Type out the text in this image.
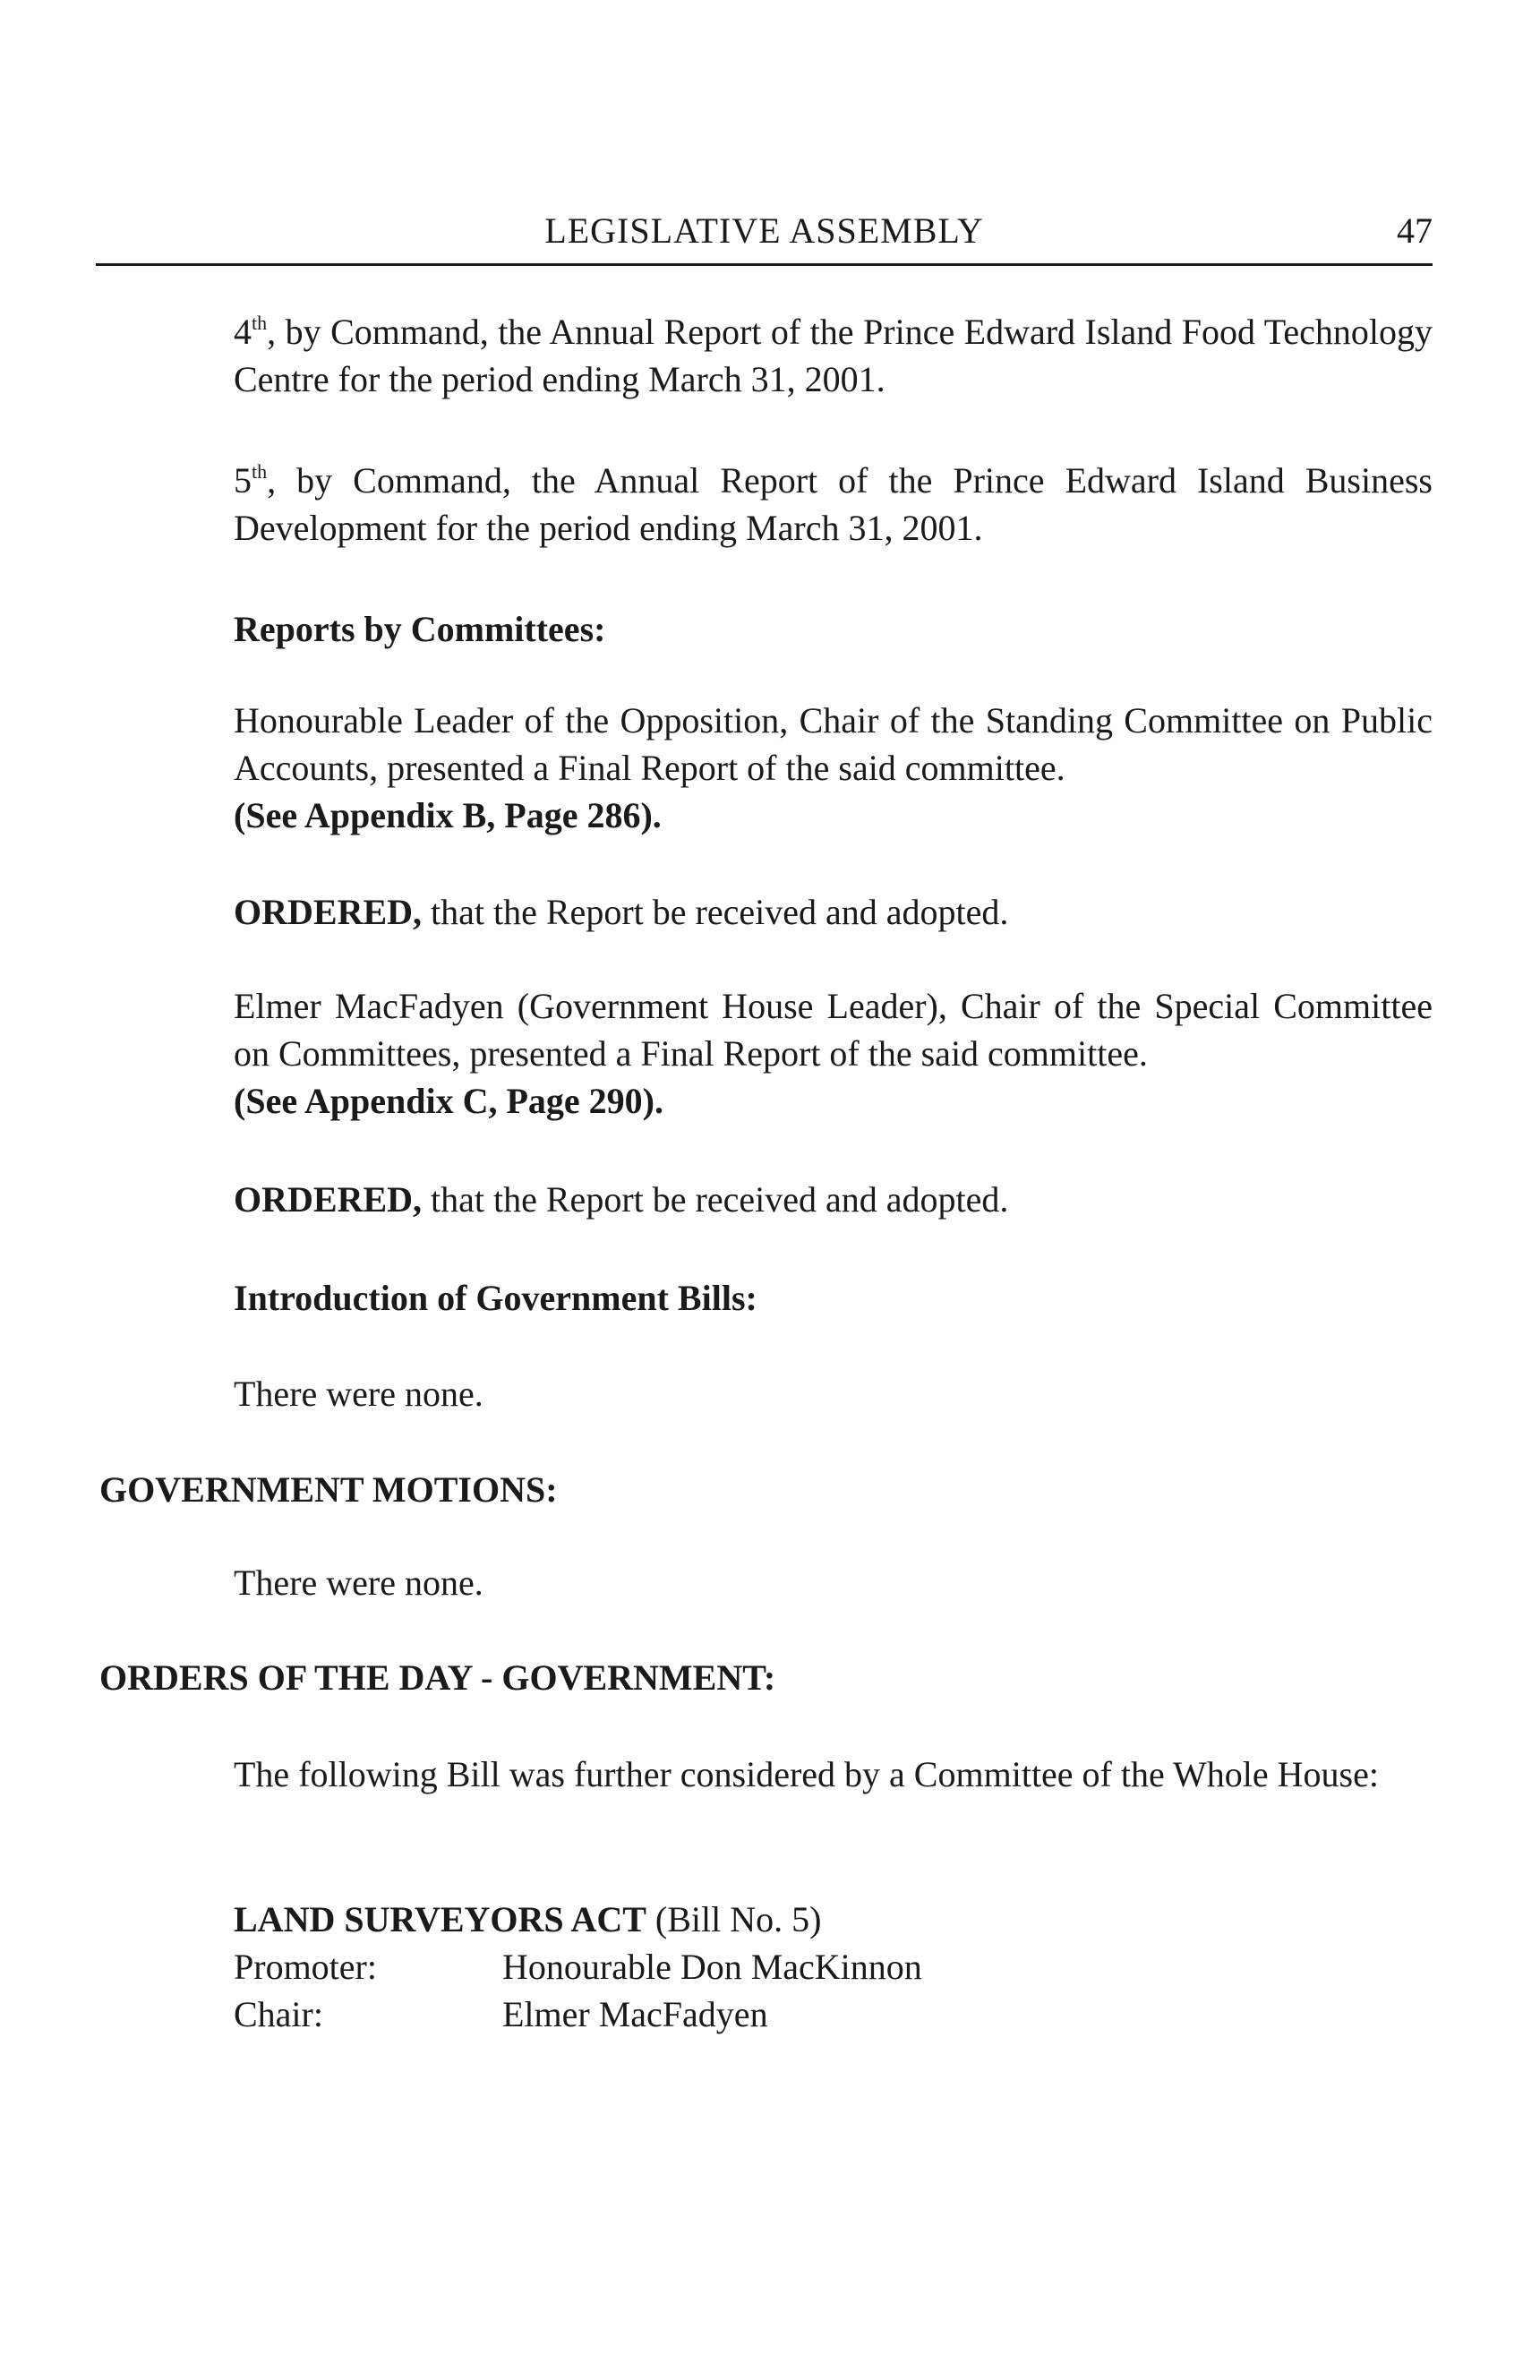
LEGISLATIVE ASSEMBLY	47
4th, by Command, the Annual Report of the Prince Edward Island Food Technology Centre for the period ending March 31, 2001.
5th, by Command, the Annual Report of the Prince Edward Island Business Development for the period ending March 31, 2001.
Reports by Committees:
Honourable Leader of the Opposition, Chair of the Standing Committee on Public Accounts, presented a Final Report of the said committee.
(See Appendix B, Page 286).
ORDERED, that the Report be received and adopted.
Elmer MacFadyen (Government House Leader), Chair of the Special Committee on Committees, presented a Final Report of the said committee.
(See Appendix C, Page 290).
ORDERED, that the Report be received and adopted.
Introduction of Government Bills:
There were none.
GOVERNMENT MOTIONS:
There were none.
ORDERS OF THE DAY - GOVERNMENT:
The following Bill was further considered by a Committee of the Whole House:
LAND SURVEYORS ACT (Bill No. 5)
Promoter:	Honourable Don MacKinnon
Chair:	Elmer MacFadyen
